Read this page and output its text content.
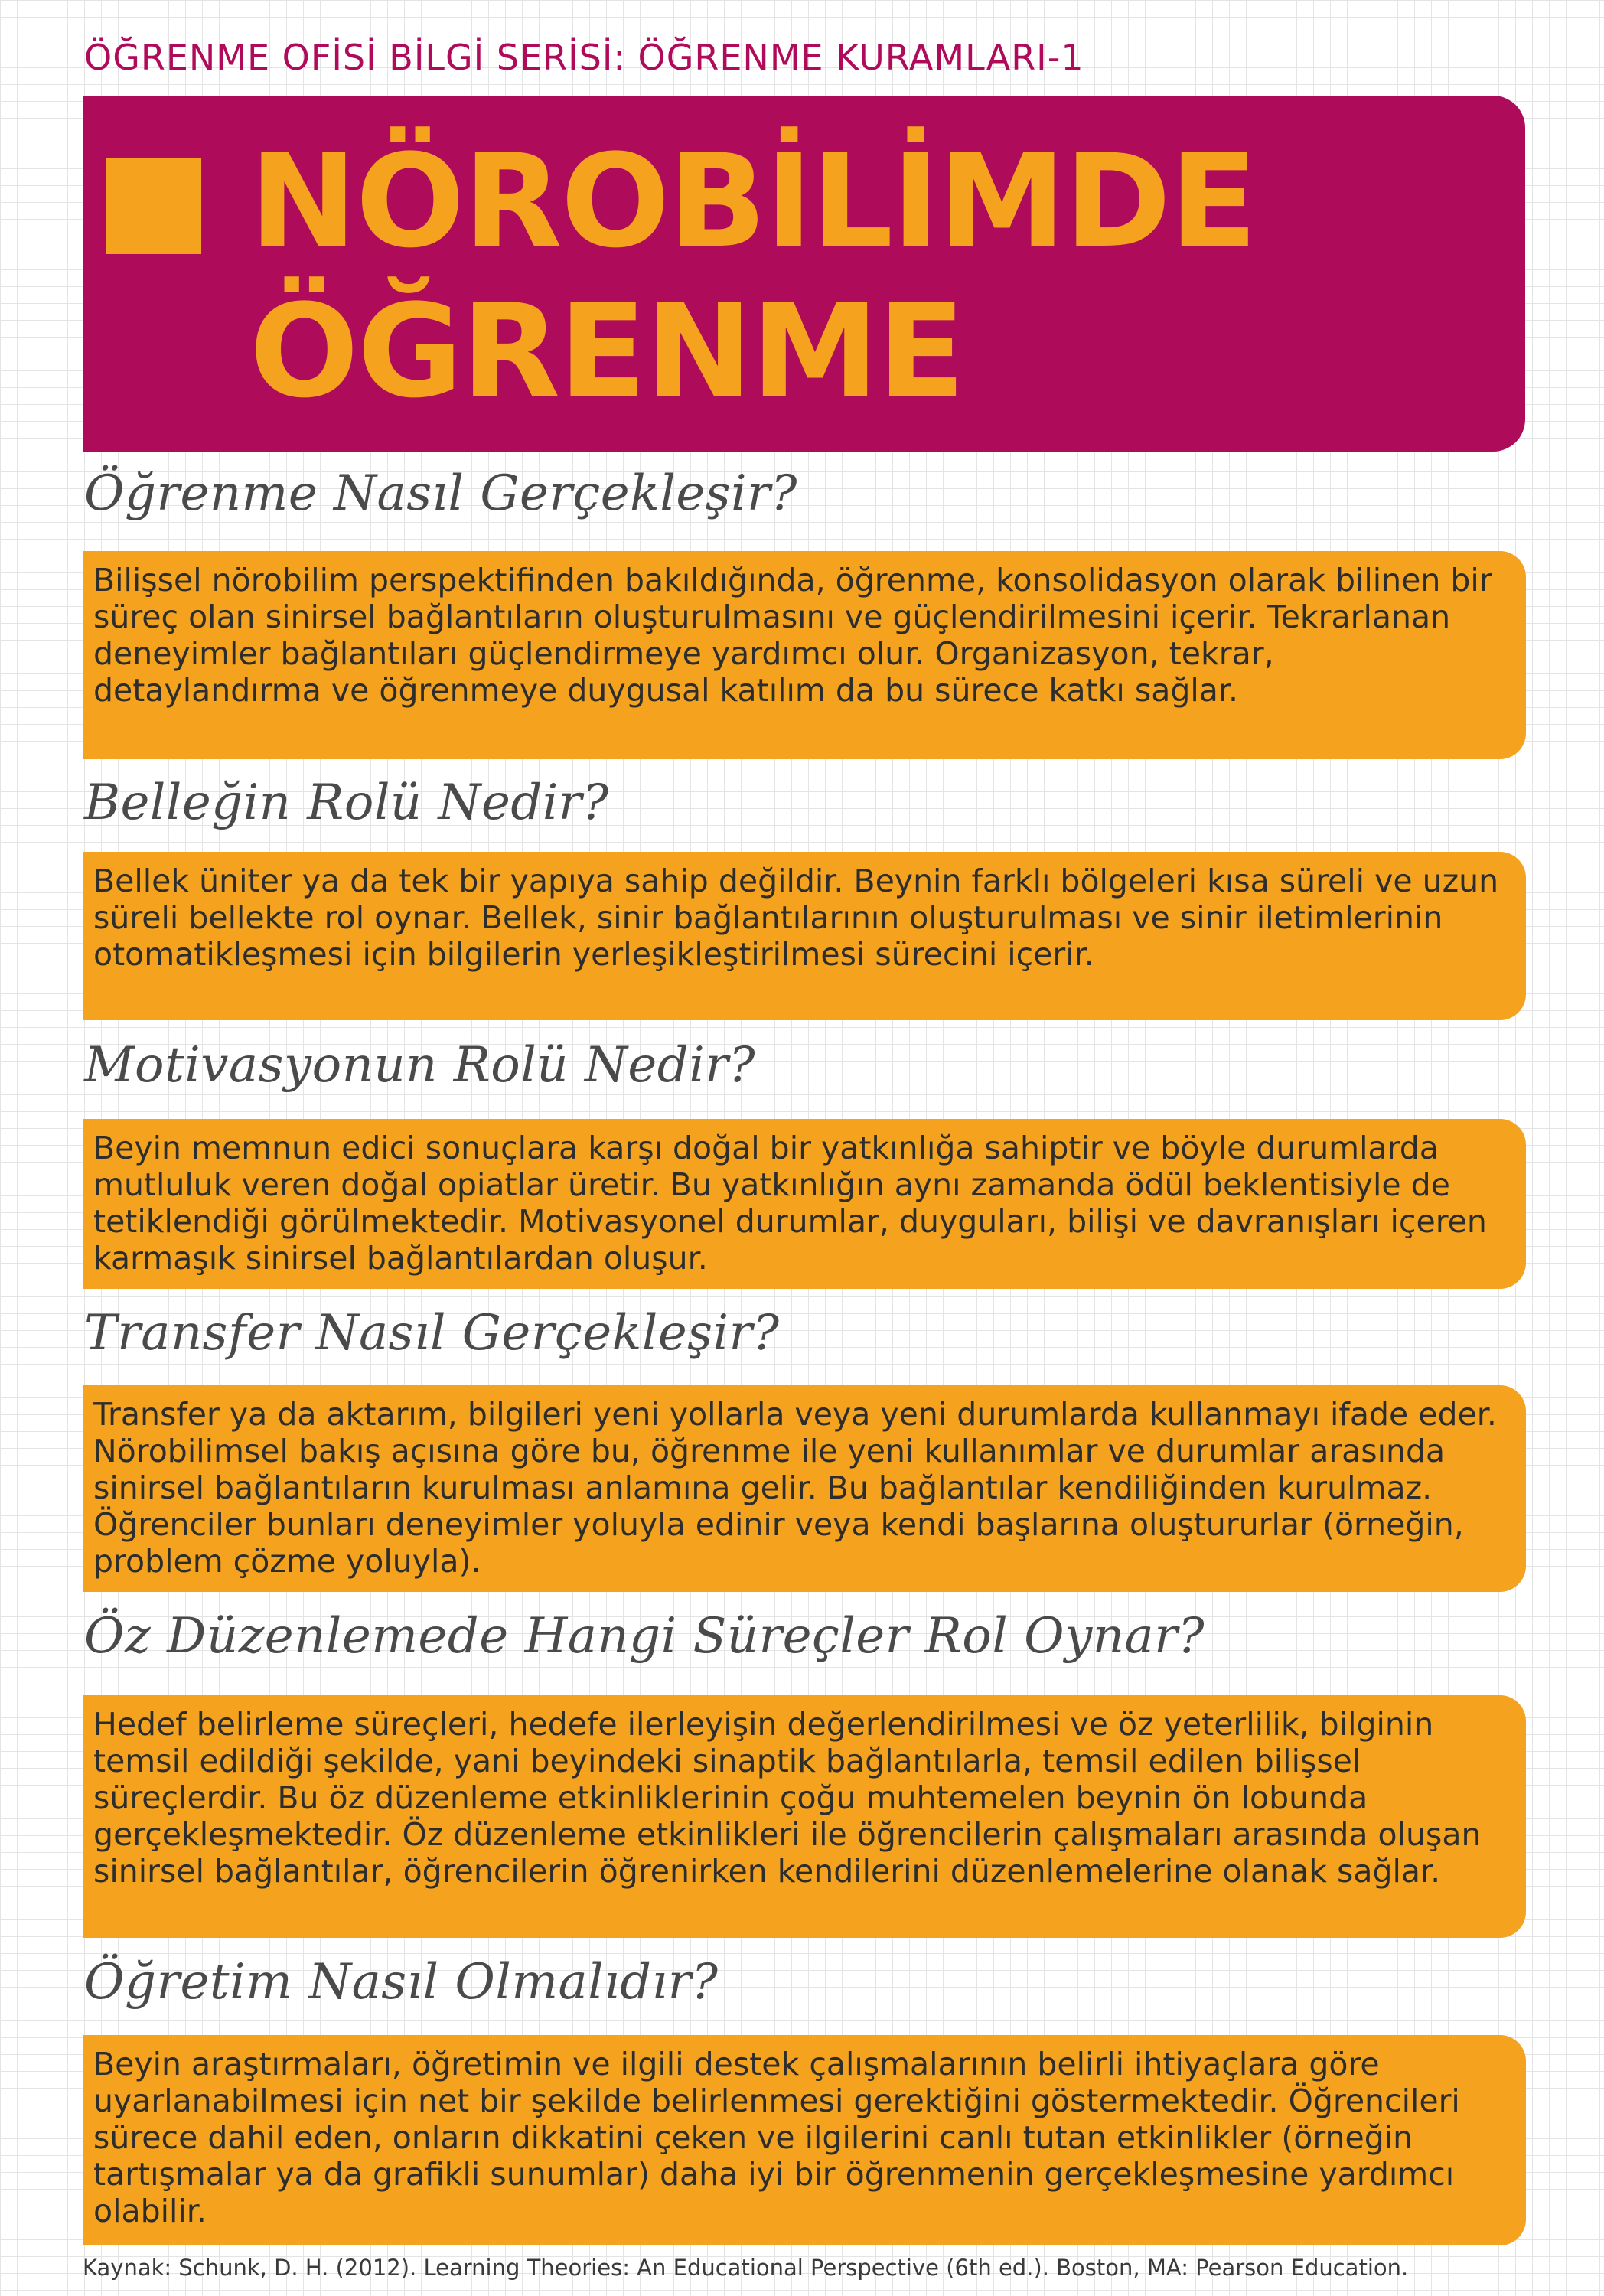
ÖĞRENME OFİSİ BİLGİ SERİSİ: ÖĞRENME KURAMLARI-1
NÖROBİLİMDE
ÖĞRENME
Öğrenme Nasıl Gerçekleşir?
Bilişsel nörobilim perspektifinden bakıldığında, öğrenme, konsolidasyon olarak bilinen bir süreç olan sinirsel bağlantıların oluşturulmasını ve güçlendirilmesini içerir. Tekrarlanan deneyimler bağlantıları güçlendirmeye yardımcı olur. Organizasyon, tekrar, detaylandırma ve öğrenmeye duygusal katılım da bu sürece katkı sağlar.
Belleğin Rolü Nedir?
Bellek üniter ya da tek bir yapıya sahip değildir. Beynin farklı bölgeleri kısa süreli ve uzun süreli bellekte rol oynar. Bellek, sinir bağlantılarının oluşturulması ve sinir iletimlerinin otomatikleşmesi için bilgilerin yerleşikleştirilmesi sürecini içerir.
Motivasyonun Rolü Nedir?
Beyin memnun edici sonuçlara karşı doğal bir yatkınlığa sahiptir ve böyle durumlarda mutluluk veren doğal opiatlar üretir. Bu yatkınlığın aynı zamanda ödül beklentisiyle de tetiklendiği görülmektedir. Motivasyonel durumlar, duyguları, bilişi ve davranışları içeren karmaşık sinirsel bağlantılardan oluşur.
Transfer Nasıl Gerçekleşir?
Transfer ya da aktarım, bilgileri yeni yollarla veya yeni durumlarda kullanmayı ifade eder. Nörobilimsel bakış açısına göre bu, öğrenme ile yeni kullanımlar ve durumlar arasında sinirsel bağlantıların kurulması anlamına gelir. Bu bağlantılar kendiliğinden kurulmaz. Öğrenciler bunları deneyimler yoluyla edinir veya kendi başlarına oluştururlar (örneğin, problem çözme yoluyla).
Öz Düzenlemede Hangi Süreçler Rol Oynar?
Hedef belirleme süreçleri, hedefe ilerleyişin değerlendirilmesi ve öz yeterlilik, bilginin temsil edildiği şekilde, yani beyindeki sinaptik bağlantılarla, temsil edilen bilişsel süreçlerdir. Bu öz düzenleme etkinliklerinin çoğu muhtemelen beynin ön lobunda gerçekleşmektedir. Öz düzenleme etkinlikleri ile öğrencilerin çalışmaları arasında oluşan sinirsel bağlantılar, öğrencilerin öğrenirken kendilerini düzenlemelerine olanak sağlar.
Öğretim Nasıl Olmalıdır?
Beyin araştırmaları, öğretimin ve ilgili destek çalışmalarının belirli ihtiyaçlara göre uyarlanabilmesi için net bir şekilde belirlenmesi gerektiğini göstermektedir. Öğrencileri sürece dahil eden, onların dikkatini çeken ve ilgilerini canlı tutan etkinlikler (örneğin tartışmalar ya da grafikli sunumlar) daha iyi bir öğrenmenin gerçekleşmesine yardımcı olabilir.
Kaynak: Schunk, D. H. (2012). Learning Theories: An Educational Perspective (6th ed.). Boston, MA: Pearson Education.
